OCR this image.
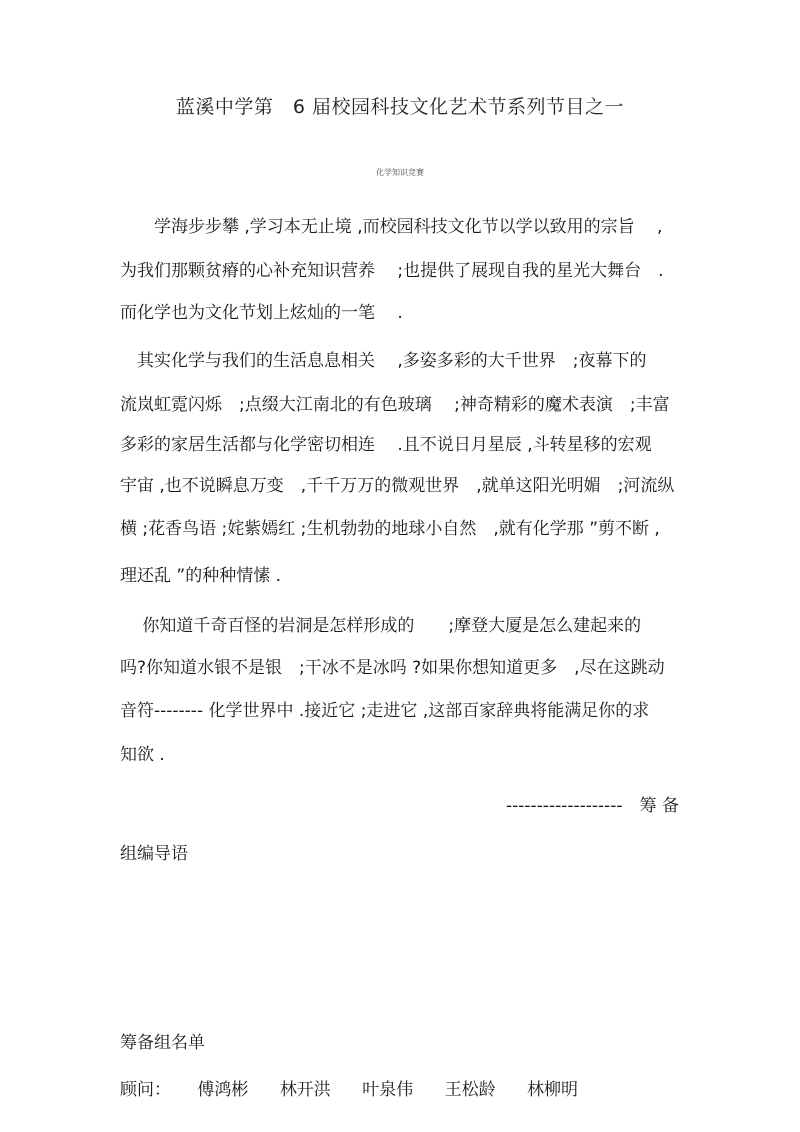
蓝溪中学第　6 届校园科技文化艺术节系列节目之一
化学知识竞赛
　　学海步步攀 ,学习本无止境 ,而校园科技文化节以学以致用的宗旨　 ,
为我们那颗贫瘠的心补充知识营养　 ;也提供了展现自我的星光大舞台　.
而化学也为文化节划上炫灿的一笔　 .
　其实化学与我们的生活息息相关　 ,多姿多彩的大千世界　;夜幕下的
流岚虹霓闪烁　;点缀大江南北的有色玻璃　 ;神奇精彩的魔术表演　;丰富
多彩的家居生活都与化学密切相连　 .且不说日月星辰 ,斗转星移的宏观
宇宙 ,也不说瞬息万变　,千千万万的微观世界　,就单这阳光明媚　;河流纵
横 ;花香鸟语 ;姹紫嫣红 ;生机勃勃的地球小自然　,就有化学那 ”剪不断 ,
理还乱 ”的种种情愫 .
　 你知道千奇百怪的岩洞是怎样形成的　　;摩登大厦是怎么建起来的
吗?你知道水银不是银　;干冰不是冰吗 ?如果你想知道更多　,尽在这跳动
音符-------- 化学世界中 .接近它 ;走进它 ,这部百家辞典将能满足你的求
知欲 .
-------------------　筹 备
组编导语
筹备组名单
顾问： 傅鸿彬 林开洪 叶泉伟 王松龄 林柳明
